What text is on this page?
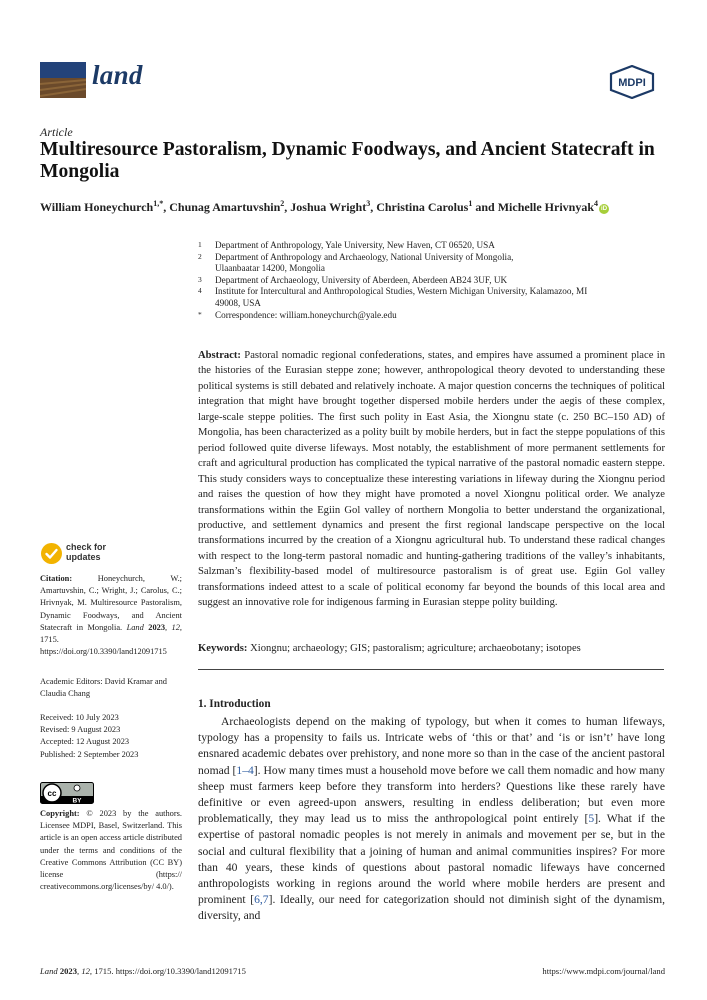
land	MDPI
Article
Multiresource Pastoralism, Dynamic Foodways, and Ancient Statecraft in Mongolia
William Honeychurch$^{1,*}$, Chunag Amartuvshin$^2$, Joshua Wright$^3$, Christina Carolus$^1$ and Michelle Hrivnyak$^4$iD
1 Department of Anthropology, Yale University, New Haven, CT 06520, USA
2 Department of Anthropology and Archaeology, National University of Mongolia, Ulaanbaatar 14200, Mongolia
3 Department of Archaeology, University of Aberdeen, Aberdeen AB24 3UF, UK
4 Institute for Intercultural and Anthropological Studies, Western Michigan University, Kalamazoo, MI 49008, USA
* Correspondence: william.honeychurch@yale.edu
Abstract: Pastoral nomadic regional confederations, states, and empires have assumed a prominent place in the histories of the Eurasian steppe zone; however, anthropological theory devoted to understanding these political systems is still debated and relatively inchoate. A major question concerns the techniques of political integration that might have brought together dispersed mobile herders under the aegis of these complex, large-scale steppe polities. The first such polity in East Asia, the Xiongnu state (c. 250 BC–150 AD) of Mongolia, has been characterized as a polity built by mobile herders, but in fact the steppe populations of this period followed quite diverse lifeways. Most notably, the establishment of more permanent settlements for craft and agricultural production has complicated the typical narrative of the pastoral nomadic eastern steppe. This study considers ways to conceptualize these interesting variations in lifeway during the Xiongnu period and raises the question of how they might have promoted a novel Xiongnu political order. We analyze transformations within the Egiin Gol valley of northern Mongolia to better understand the organizational, productive, and settlement dynamics and present the first regional landscape perspective on the local transformations incurred by the creation of a Xiongnu agricultural hub. To understand these radical changes with respect to the long-term pastoral nomadic and hunting-gathering traditions of the valley’s inhabitants, Salzman’s flexibility-based model of multiresource pastoralism is of great use. Egiin Gol valley transformations indeed attest to a scale of political economy far beyond the bounds of this local area and suggest an innovative role for indigenous farming in Eurasian steppe polity building.
Keywords: Xiongnu; archaeology; GIS; pastoralism; agriculture; archaeobotany; isotopes
1. Introduction

Archaeologists depend on the making of typology, but when it comes to human lifeways, typology has a propensity to fails us. Intricate webs of ‘this or that’ and ‘is or isn’t’ have long ensnared academic debates over prehistory, and none more so than in the case of the ancient pastoral nomad [1–4]. How many times must a household move before we call them nomadic and how many sheep must farmers keep before they transform into herders? Questions like these rarely have definitive or even agreed-upon answers, resulting in endless deliberation; but even more problematically, they may lead us to miss the anthropological point entirely [5]. What if the expertise of pastoral nomadic peoples is not merely in animals and movement per se, but in the social and cultural flexibility that a joining of human and animal communities inspires? For more than 40 years, these kinds of questions about pastoral nomadic lifeways have concerned anthropologists working in regions around the world where mobile herders are present and prominent [6,7]. Ideally, our need for categorization should not diminish sight of the dynamism, diversity, and

check for
updates
Citation:	Honeychurch, W.; Amartuvshin, C.; Wright, J.; Carolus, C.; Hrivnyak, M. Multiresource Pastoralism, Dynamic Foodways, and Ancient Statecraft in Mongolia. Land 2023, 12, 1715. https://doi.org/10.3390/land12091715
Academic Editors: David Kramar and Claudia Chang
Received: 10 July 2023
Revised: 9 August 2023
Accepted: 12 August 2023
Published: 2 September 2023
cc
BY
Copyright: © 2023 by the authors. Licensee MDPI, Basel, Switzerland. This article is an open access article distributed under the terms and conditions of the Creative Commons Attribution (CC BY) license (https:// creativecommons.org/licenses/by/ 4.0/).
Land 2023, 12, 1715. https://doi.org/10.3390/land12091715	https://www.mdpi.com/journal/land
